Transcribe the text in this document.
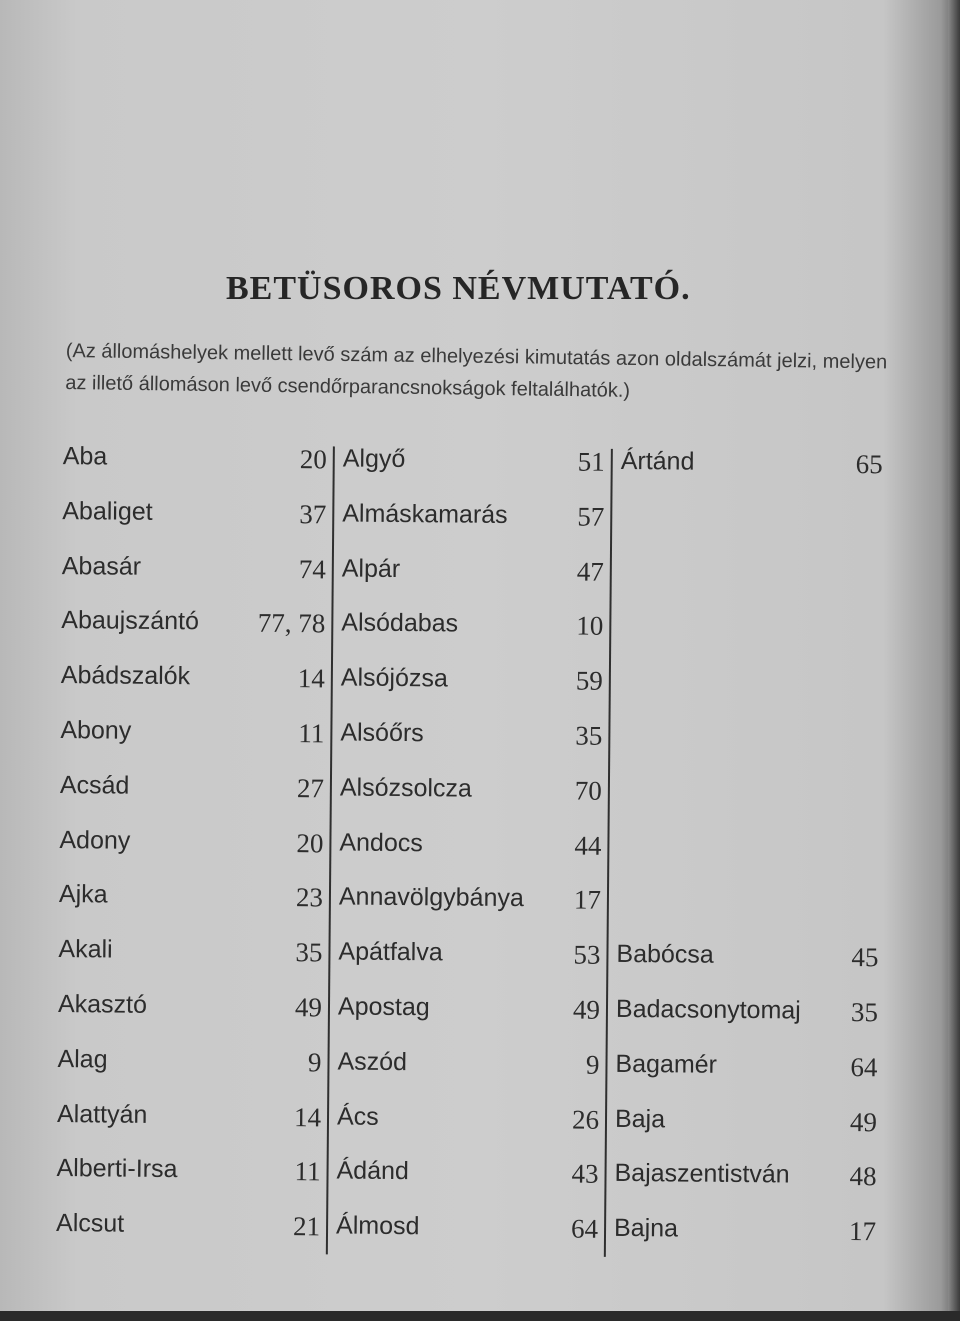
BETÜSOROS NÉVMUTATÓ.
(Az állomáshelyek mellett levő szám az elhelyezési kimutatás azon oldalszámát jelzi, melyen az illető állomáson levő csendőrparancsnokságok feltalálhatók.)
Aba	20 Algyő	51 Ártánd	65
Abaliget	37 Almáskamarás	57
Abasár	74 Alpár	47
Abaujszántó	77, 78 Alsódabas	10
Abádszalók	14 Alsójózsa	59
Abony	11 Alsóőrs	35
Acsád	27 Alsózsolcza	70
Adony	20 Andocs	44
Ajka	23 Annavölgybánya	17
Akali	35 Apátfalva	53 Babócsa	45
Akasztó	49 Apostag	49 Badacsonytomaj	35
Alag	9 Aszód	9 Bagamér	64
Alattyán	14 Ács	26 Baja	49
Alberti-Irsa	11 Ádánd	43 Bajaszentistván	48
Alcsut	21 Álmosd	64 Bajna	17
